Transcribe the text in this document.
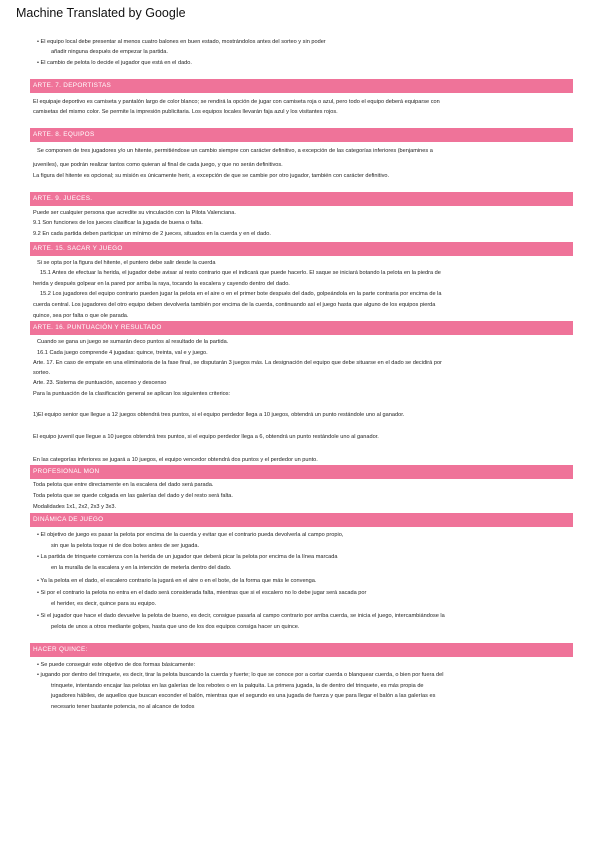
Machine Translated by Google
• El equipo local debe presentar al menos cuatro balones en buen estado, mostrándolos antes del sorteo y sin poder
añadir ninguna después de empezar la partida.
• El cambio de pelota lo decide el jugador que está en el dado.
ARTE. 7. DEPORTISTAS
El equipaje deportivo es camiseta y pantalón largo de color blanco; se rendirá la opción de jugar con camiseta roja o azul, pero todo el equipo deberá equiparse con
camisetas del mismo color. Se permite la impresión publicitaria. Los equipos locales llevarán faja azul y los visitantes rojos.
ARTE. 8. EQUIPOS
Se componen de tres jugadores y/o un hitente, permitiéndose un cambio siempre con carácter definitivo, a excepción de las categorías inferiores (benjamines a
juveniles), que podrán realizar tantos como quieran al final de cada juego, y que no serán definitivos.
La figura del hitente es opcional; su misión es únicamente herir, a excepción de que se cambie por otro jugador, también con carácter definitivo.
ARTE. 9. JUECES.
Puede ser cualquier persona que acredite su vinculación con la Pilota Valenciana.
9.1 Son funciones de los jueces clasificar la jugada de buena o falta.
9.2 En cada partida deben participar un mínimo de 2 jueces, situados en la cuerda y en el dado.
ARTE. 15. SACAR Y JUEGO
Si se opta por la figura del hitente, el puntero debe salir desde la cuerda
15.1 Antes de efectuar la herida, el jugador debe avisar al resto contrario que el indicará que puede hacerlo. El saque se iniciará botando la pelota en la piedra de
herida y después golpear en la pared por arriba la raya, tocando la escalera y cayendo dentro del dado.
15.2 Los jugadores del equipo contrario pueden jugar la pelota en el aire o en el primer bote después del dado, golpeándola en la parte contraria por encima de la
cuerda central. Los jugadores del otro equipo deben devolverla también por encima de la cuerda, continuando así el juego hasta que alguno de los equipos pierda
quince, sea por falta o que ole parada.
ARTE. 16. PUNTUACIÓN Y RESULTADO
Cuando se gana un juego se sumarán deco puntos al resultado de la partida.
16.1 Cada juego comprende 4 jugadas: quince, treinta, val e y juego.
Arte. 17. En caso de empate en una eliminatoria de la fase final, se disputarán 3 juegos más. La designación del equipo que debe situarse en el dado se decidirá por
sorteo.
Arte. 23. Sistema de puntuación, ascenso y descenso
Para la puntuación de la clasificación general se aplican los siguientes criterios:
1)El equipo senior que llegue a 12 juegos obtendrá tres puntos, si el equipo perdedor llega a 10 juegos, obtendrá un punto restándole uno al ganador.
El equipo juvenil que llegue a 10 juegos obtendrá tres puntos, si el equipo perdedor llega a 6, obtendrá un punto restándole uno al ganador.
En las categorías inferiores se jugará a 10 juegos, el equipo vencedor obtendrá dos puntos y el perdedor un punto.
PROFESIONAL MON
Toda pelota que entre directamente en la escalera del dado será parada.
Toda pelota que se quede colgada en las galerías del dado y del resto será falta.
Modalidades 1x1, 2x2, 2x3 y 3x3.
DINÁMICA DE JUEGO
• El objetivo de juego es pasar la pelota por encima de la cuerda y evitar que el contrario pueda devolverla al campo propio,
sin que la pelota toque ni de dos botes antes de ser jugada.
• La partida de trinquete comienza con la herida de un jugador que deberá picar la pelota por encima de la línea marcada
en la muralla de la escalera y en la intención de meterla dentro del dado.
• Ya la pelota en el dado, el escalero contrario la jugará en el aire o en el bote, de la forma que más le convenga.
• Si por el contrario la pelota no entra en el dado será considerada falta, mientras que si el escalero no lo debe jugar será sacada por
el herider, es decir, quince para su equipo.
• Si el jugador que hace el dado devuelve la pelota de bueno, es decir, consigue pasarla al campo contrario por arriba cuerda, se inicia el juego, intercambiándose la
pelota de unos a otros mediante golpes, hasta que uno de los dos equipos consiga hacer un quince.
HACER QUINCE:
• Se puede conseguir este objetivo de dos formas básicamente:
• jugando por dentro del trinquete, es decir, tirar la pelota buscando la cuerda y fuerte; lo que se conoce por a cortar cuerda o blanquear cuerda, o bien por fuera del
trinquete, intentando encajar las pelotas en las galerías de los rebotes o en la palquita. La primera jugada, la de dentro del trinquete, es más propia de
jugadores hábiles, de aquellos que buscan esconder el balón, mientras que el segundo es una jugada de fuerza y que para llegar el balón a las galerías es
necesario tener bastante potencia, no al alcance de todos
